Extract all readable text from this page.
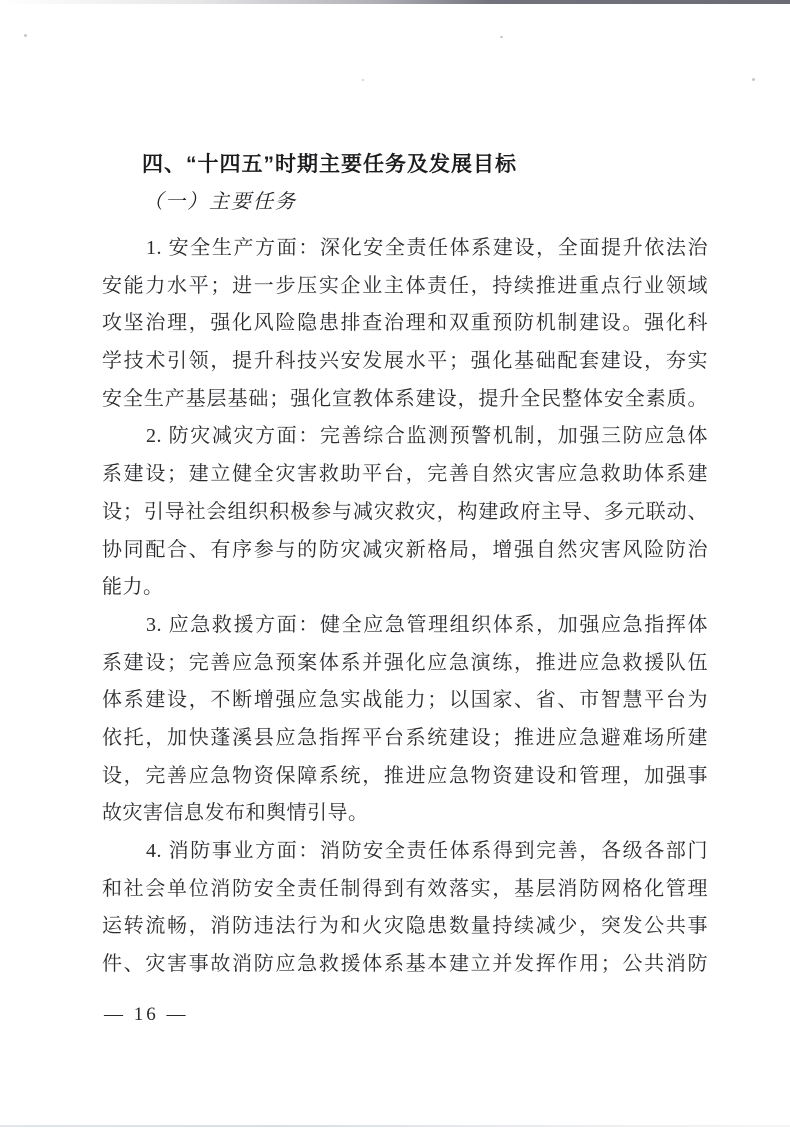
四、“十四五”时期主要任务及发展目标
（一）主要任务
1. 安全生产方面：深化安全责任体系建设，全面提升依法治
安能力水平；进一步压实企业主体责任，持续推进重点行业领域
攻坚治理，强化风险隐患排查治理和双重预防机制建设。强化科
学技术引领，提升科技兴安发展水平；强化基础配套建设，夯实
安全生产基层基础；强化宣教体系建设，提升全民整体安全素质。
2. 防灾减灾方面：完善综合监测预警机制，加强三防应急体
系建设；建立健全灾害救助平台，完善自然灾害应急救助体系建
设；引导社会组织积极参与减灾救灾，构建政府主导、多元联动、
协同配合、有序参与的防灾减灾新格局，增强自然灾害风险防治
能力。
3. 应急救援方面：健全应急管理组织体系，加强应急指挥体
系建设；完善应急预案体系并强化应急演练，推进应急救援队伍
体系建设，不断增强应急实战能力；以国家、省、市智慧平台为
依托，加快蓬溪县应急指挥平台系统建设；推进应急避难场所建
设，完善应急物资保障系统，推进应急物资建设和管理，加强事
故灾害信息发布和舆情引导。
4. 消防事业方面：消防安全责任体系得到完善，各级各部门
和社会单位消防安全责任制得到有效落实，基层消防网格化管理
运转流畅，消防违法行为和火灾隐患数量持续减少，突发公共事
件、灾害事故消防应急救援体系基本建立并发挥作用；公共消防
— 16 —
